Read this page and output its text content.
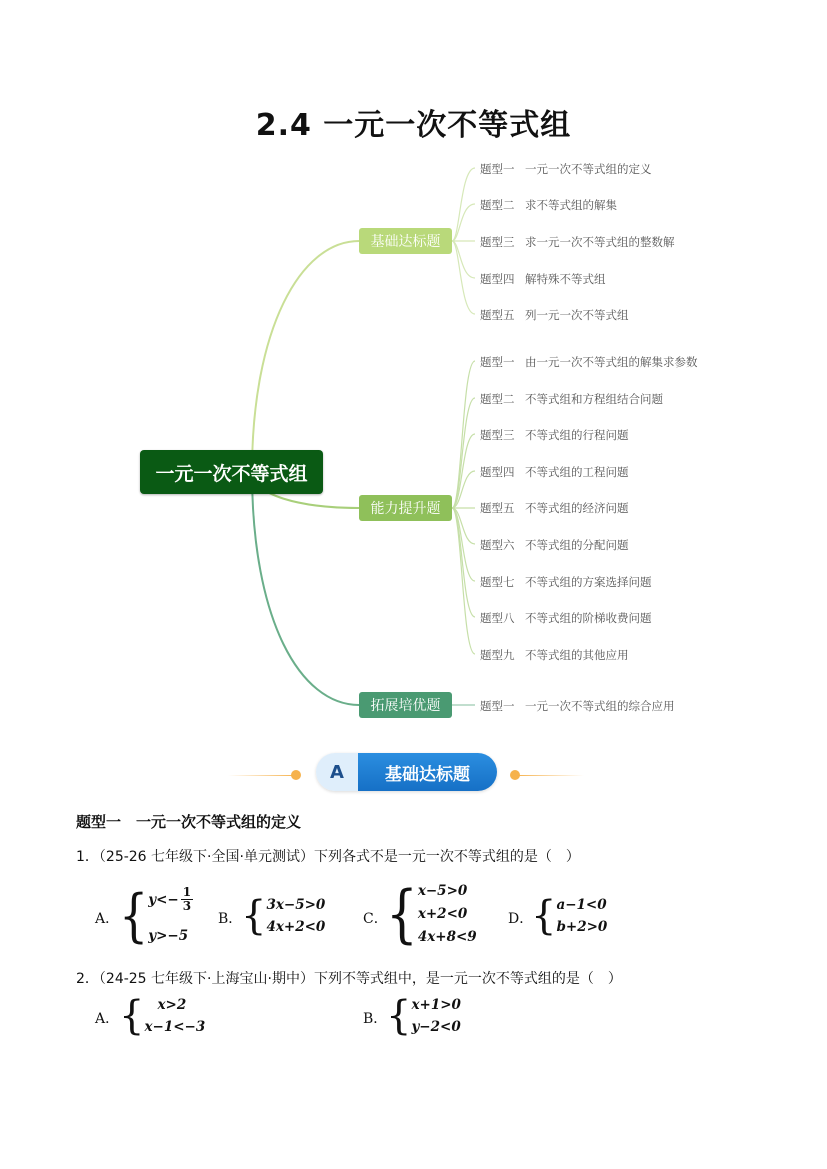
2.4 一元一次不等式组
一元一次不等式组
基础达标题
能力提升题
拓展培优题
题型一 一元一次不等式组的定义
题型二 求不等式组的解集
题型三 求一元一次不等式组的整数解
题型四 解特殊不等式组
题型五 列一元一次不等式组
题型一 由一元一次不等式组的解集求参数
题型二 不等式组和方程组结合问题
题型三 不等式组的行程问题
题型四 不等式组的工程问题
题型五 不等式组的经济问题
题型六 不等式组的分配问题
题型七 不等式组的方案选择问题
题型八 不等式组的阶梯收费问题
题型九 不等式组的其他应用
题型一 一元一次不等式组的综合应用
A	基础达标题
题型一　一元一次不等式组的定义
1．（25-26 七年级下·全国·单元测试）下列各式不是一元一次不等式组的是（　）
A． { $y<- \frac{1}{3}$
y>−5
B．
{ 3x−5>0
4x+2<0	C．
{ x−5>0
x+2<0
4x+8<9
D．
{ a−1<0
b+2>0
2．（24-25 七年级下·上海宝山·期中）下列不等式组中，是一元一次不等式组的是（　）
A． { x>2
x−1<−3	B．
{ x+1>0
y−2<0
